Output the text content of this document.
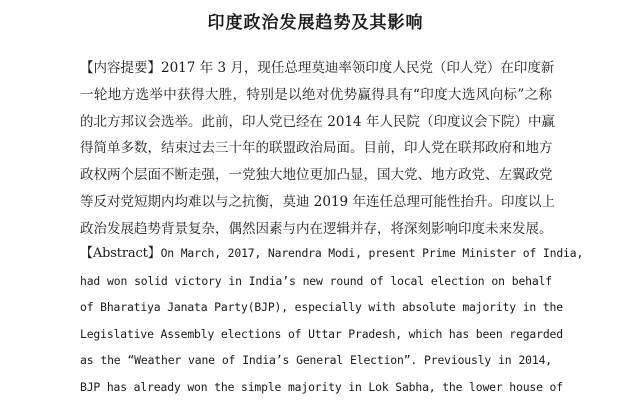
印度政治发展趋势及其影响
【内容提要】2017 年 3 月，现任总理莫迪率领印度人民党（印人党）在印度新
一轮地方选举中获得大胜，特别是以绝对优势赢得具有“印度大选风向标”之称
的北方邦议会选举。此前，印人党已经在 2014 年人民院（印度议会下院）中赢
得简单多数，结束过去三十年的联盟政治局面。目前，印人党在联邦政府和地方
政权两个层面不断走强，一党独大地位更加凸显，国大党、地方政党、左翼政党
等反对党短期内均难以与之抗衡，莫迪 2019 年连任总理可能性抬升。印度以上
政治发展趋势背景复杂，偶然因素与内在逻辑并存，将深刻影响印度未来发展。
【Abstract】On March, 2017, Narendra Modi, present Prime Minister of India,
had won solid victory in India’s new round of local election on behalf
of Bharatiya Janata Party(BJP), especially with absolute majority in the
Legislative Assembly elections of Uttar Pradesh, which has been regarded
as the “Weather vane of India’s General Election”. Previously in 2014,
BJP has already won the simple majority in Lok Sabha, the lower house of
